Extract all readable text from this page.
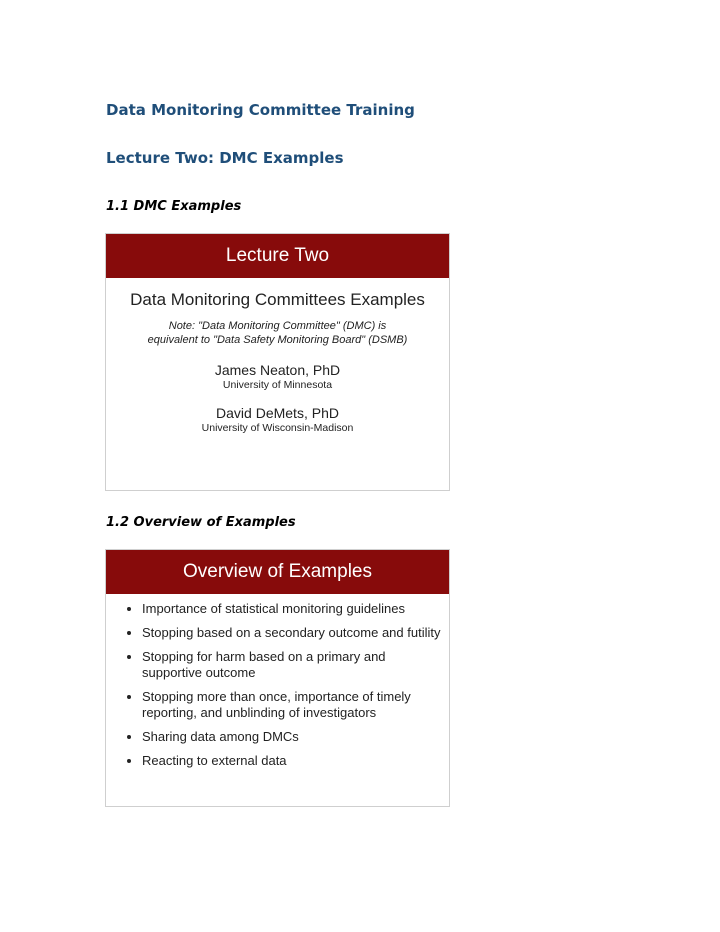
Data Monitoring Committee Training
Lecture Two: DMC Examples
1.1 DMC Examples
Lecture Two
Data Monitoring Committees Examples
Note: "Data Monitoring Committee" (DMC) is
equivalent to "Data Safety Monitoring Board" (DSMB)
James Neaton, PhD
University of Minnesota
David DeMets, PhD
University of Wisconsin-Madison
1.2 Overview of Examples
Overview of Examples
• Importance of statistical monitoring guidelines
• Stopping based on a secondary outcome and futility
• Stopping for harm based on a primary and supportive outcome
• Stopping more than once, importance of timely reporting, and unblinding of investigators
• Sharing data among DMCs
• Reacting to external data
